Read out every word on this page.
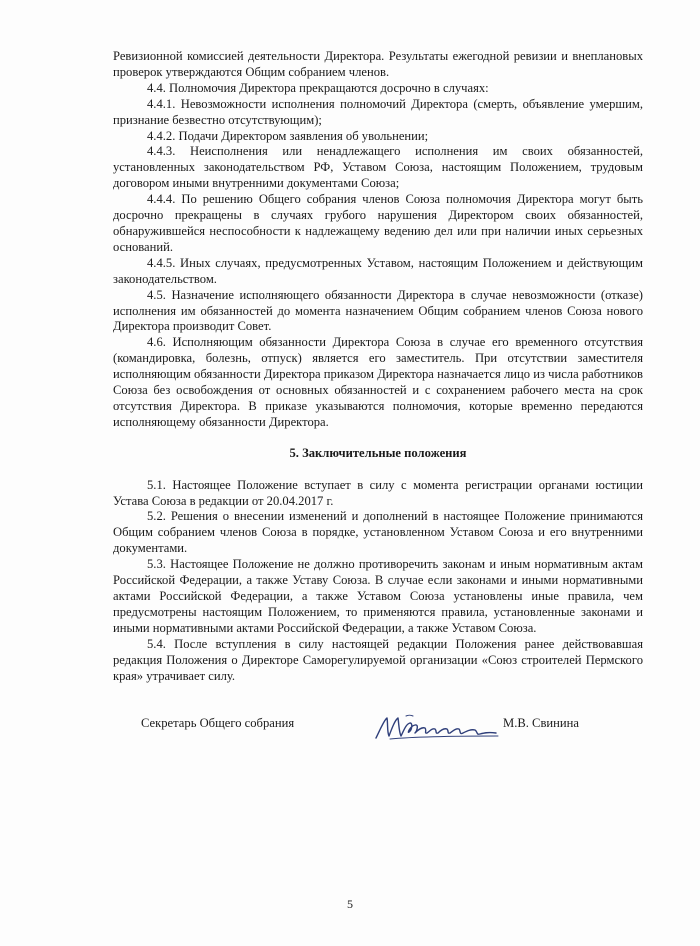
Ревизионной комиссией деятельности Директора. Результаты ежегодной ревизии и внеплановых проверок утверждаются Общим собранием членов.

4.4. Полномочия Директора прекращаются досрочно в случаях:

4.4.1. Невозможности исполнения полномочий Директора (смерть, объявление умершим, признание безвестно отсутствующим);

4.4.2. Подачи Директором заявления об увольнении;

4.4.3. Неисполнения или ненадлежащего исполнения им своих обязанностей, установленных законодательством РФ, Уставом Союза, настоящим Положением, трудовым договором иными внутренними документами Союза;

4.4.4. По решению Общего собрания членов Союза полномочия Директора могут быть досрочно прекращены в случаях грубого нарушения Директором своих обязанностей, обнаружившейся неспособности к надлежащему ведению дел или при наличии иных серьезных оснований.

4.4.5. Иных случаях, предусмотренных Уставом, настоящим Положением и действующим законодательством.

4.5. Назначение исполняющего обязанности Директора в случае невозможности (отказе) исполнения им обязанностей до момента назначением Общим собранием членов Союза нового Директора производит Совет.

4.6. Исполняющим обязанности Директора Союза в случае его временного отсутствия (командировка, болезнь, отпуск) является его заместитель. При отсутствии заместителя исполняющим обязанности Директора приказом Директора назначается лицо из числа работников Союза без освобождения от основных обязанностей и с сохранением рабочего места на срок отсутствия Директора. В приказе указываются полномочия, которые временно передаются исполняющему обязанности Директора.

5. Заключительные положения

5.1. Настоящее Положение вступает в силу с момента регистрации органами юстиции Устава Союза в редакции от 20.04.2017 г.

5.2. Решения о внесении изменений и дополнений в настоящее Положение принимаются Общим собранием членов Союза в порядке, установленном Уставом Союза и его внутренними документами.

5.3. Настоящее Положение не должно противоречить законам и иным нормативным актам Российской Федерации, а также Уставу Союза. В случае если законами и иными нормативными актами Российской Федерации, а также Уставом Союза установлены иные правила, чем предусмотрены настоящим Положением, то применяются правила, установленные законами и иными нормативными актами Российской Федерации, а также Уставом Союза.

5.4. После вступления в силу настоящей редакции Положения ранее действовавшая редакция Положения о Директоре Саморегулируемой организации «Союз строителей Пермского края» утрачивает силу.

Секретарь Общего собрания	М.В. Свинина
5
